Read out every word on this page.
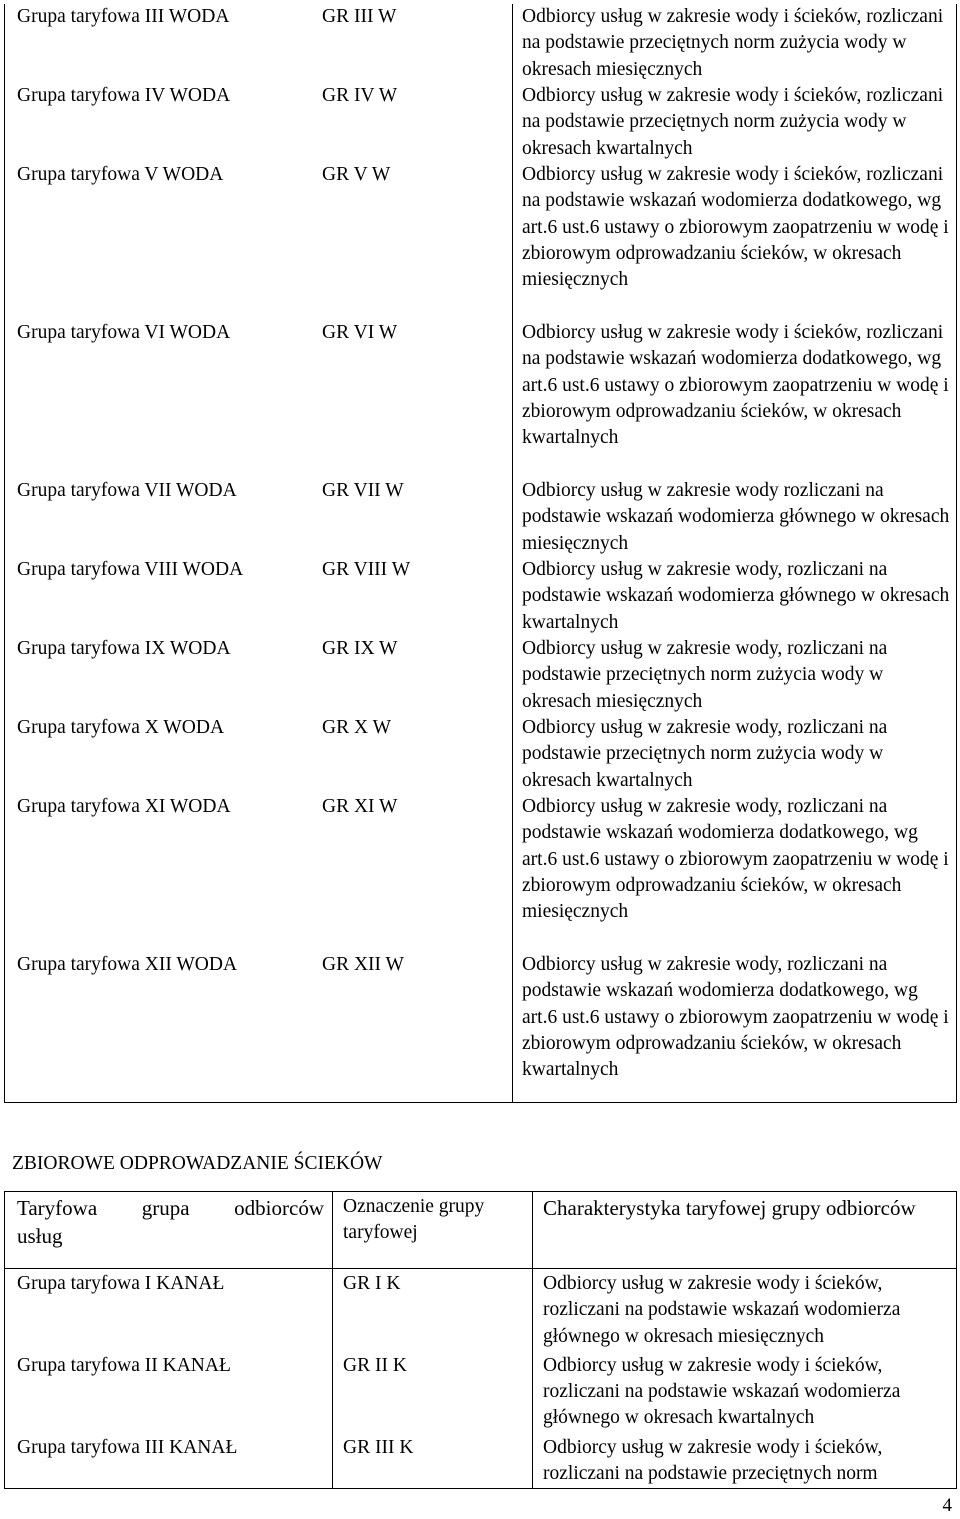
Grupa taryfowa III WODA	GR III W	Odbiorcy usług w zakresie wody i ścieków, rozliczani na podstawie przeciętnych norm zużycia wody w okresach miesięcznych
Grupa taryfowa IV WODA	GR IV W	Odbiorcy usług w zakresie wody i ścieków, rozliczani na podstawie przeciętnych norm zużycia wody w okresach kwartalnych
Grupa taryfowa V WODA	GR V W	Odbiorcy usług w zakresie wody i ścieków, rozliczani na podstawie wskazań wodomierza dodatkowego, wg art.6 ust.6 ustawy o zbiorowym zaopatrzeniu w wodę i zbiorowym odprowadzaniu ścieków, w okresach miesięcznych
Grupa taryfowa VI WODA	GR VI W	Odbiorcy usług w zakresie wody i ścieków, rozliczani na podstawie wskazań wodomierza dodatkowego, wg art.6 ust.6 ustawy o zbiorowym zaopatrzeniu w wodę i zbiorowym odprowadzaniu ścieków, w okresach kwartalnych
Grupa taryfowa VII WODA	GR VII W	Odbiorcy usług w zakresie wody rozliczani na podstawie wskazań wodomierza głównego w okresach miesięcznych
Grupa taryfowa VIII WODA	GR VIII W	Odbiorcy usług w zakresie wody, rozliczani na podstawie wskazań wodomierza głównego w okresach kwartalnych
Grupa taryfowa IX WODA	GR IX W	Odbiorcy usług w zakresie wody, rozliczani na podstawie przeciętnych norm zużycia wody w okresach miesięcznych
Grupa taryfowa X WODA	GR X W	Odbiorcy usług w zakresie wody, rozliczani na podstawie przeciętnych norm zużycia wody w okresach kwartalnych
Grupa taryfowa XI WODA	GR XI W	Odbiorcy usług w zakresie wody, rozliczani na podstawie wskazań wodomierza dodatkowego, wg art.6 ust.6 ustawy o zbiorowym zaopatrzeniu w wodę i zbiorowym odprowadzaniu ścieków, w okresach miesięcznych
Grupa taryfowa XII WODA	GR XII W	Odbiorcy usług w zakresie wody, rozliczani na podstawie wskazań wodomierza dodatkowego, wg art.6 ust.6 ustawy o zbiorowym zaopatrzeniu w wodę i zbiorowym odprowadzaniu ścieków, w okresach kwartalnych
ZBIOROWE ODPROWADZANIE ŚCIEKÓW
Taryfowa grupa odbiorców
usług	Oznaczenie grupy taryfowej	Charakterystyka taryfowej grupy odbiorców
Grupa taryfowa I KANAŁ	GR I K	Odbiorcy usług w zakresie wody i ścieków, rozliczani na podstawie wskazań wodomierza głównego w okresach miesięcznych
Grupa taryfowa II KANAŁ	GR II K	Odbiorcy usług w zakresie wody i ścieków, rozliczani na podstawie wskazań wodomierza głównego w okresach kwartalnych
Grupa taryfowa III KANAŁ	GR III K	Odbiorcy usług w zakresie wody i ścieków, rozliczani na podstawie przeciętnych norm
4
